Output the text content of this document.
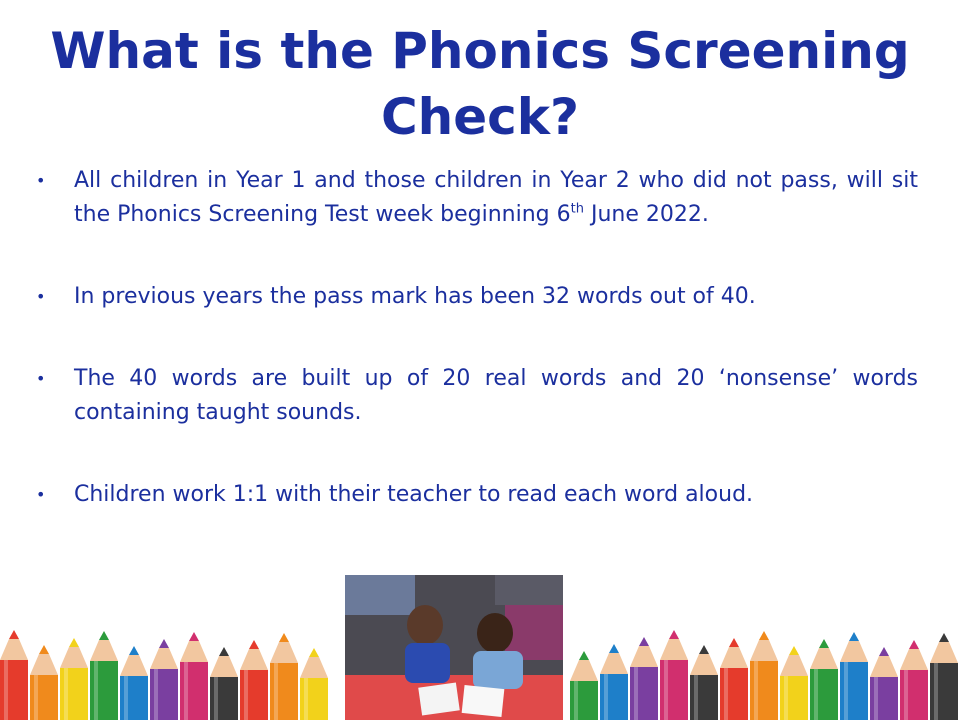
What is the Phonics Screening Check?
• All children in Year 1 and those children in Year 2 who did not pass, will sit the Phonics Screening Test week beginning 6th June 2022.
• In previous years the pass mark has been 32 words out of 40.
• The 40 words are built up of 20 real words and 20 ‘nonsense’ words containing taught sounds.
• Children work 1:1 with their teacher to read each word aloud.
